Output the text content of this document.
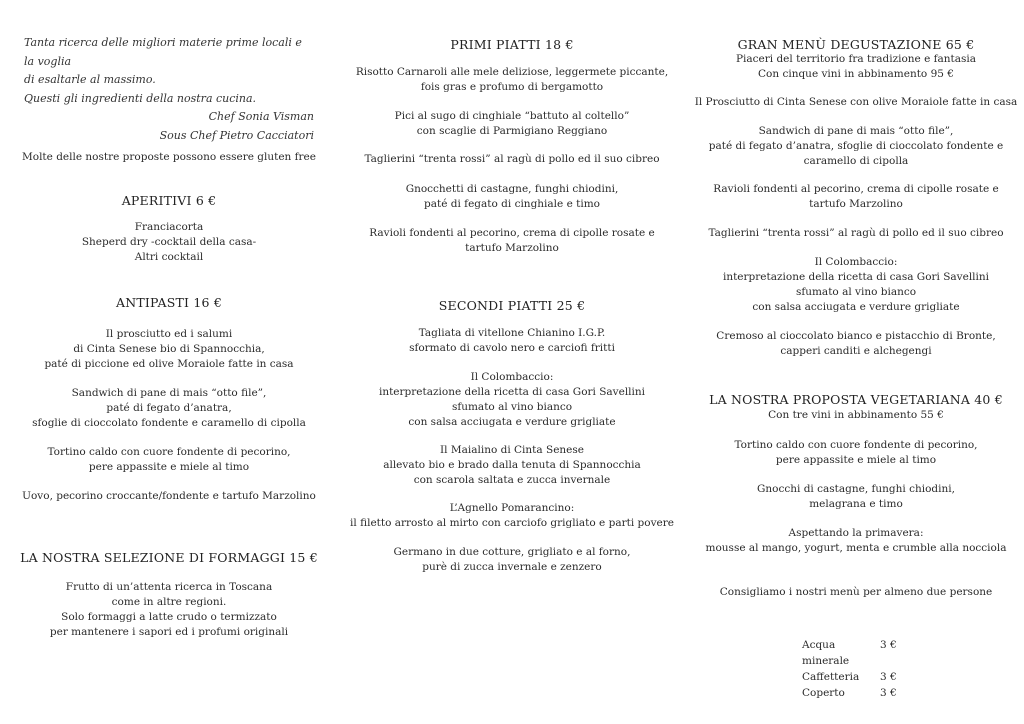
Tanta ricerca delle migliori materie prime locali e la voglia
di esaltarle al massimo.
Questi gli ingredienti della nostra cucina.
Chef Sonia Visman
Sous Chef Pietro Cacciatori
Molte delle nostre proposte possono essere gluten free
APERITIVI 6 €
Franciacorta
Sheperd dry -cocktail della casa-
Altri cocktail
ANTIPASTI 16 €
Il prosciutto ed i salumi
di Cinta Senese bio di Spannocchia,
paté di piccione ed olive Moraiole fatte in casa
Sandwich di pane di mais “otto file”,
paté di fegato d’anatra,
sfoglie di cioccolato fondente e caramello di cipolla
Tortino caldo con cuore fondente di pecorino,
pere appassite e miele al timo
Uovo, pecorino croccante/fondente e tartufo Marzolino
LA NOSTRA SELEZIONE DI FORMAGGI 15 €
Frutto di un’attenta ricerca in Toscana
come in altre regioni.
Solo formaggi a latte crudo o termizzato
per mantenere i sapori ed i profumi originali
PRIMI PIATTI 18 €
Risotto Carnaroli alle mele deliziose, leggermete piccante,
fois gras e profumo di bergamotto
Pici al sugo di cinghiale “battuto al coltello”
con scaglie di Parmigiano Reggiano
Taglierini “trenta rossi” al ragù di pollo ed il suo cibreo
Gnocchetti di castagne, funghi chiodini,
paté di fegato di cinghiale e timo
Ravioli fondenti al pecorino, crema di cipolle rosate e
tartufo Marzolino
SECONDI PIATTI 25 €
Tagliata di vitellone Chianino I.G.P.
sformato di cavolo nero e carciofi fritti
Il Colombaccio:
interpretazione della ricetta di casa Gori Savellini
sfumato al vino bianco
con salsa acciugata e verdure grigliate
Il Maialino di Cinta Senese
allevato bio e brado dalla tenuta di Spannocchia
con scarola saltata e zucca invernale
L’Agnello Pomarancino:
il filetto arrosto al mirto con carciofo grigliato e parti povere
Germano in due cotture, grigliato e al forno,
purè di zucca invernale e zenzero
GRAN MENÙ DEGUSTAZIONE 65 €
Piaceri del territorio fra tradizione e fantasia
Con cinque vini in abbinamento 95 €
Il Prosciutto di Cinta Senese con olive Moraiole fatte in casa
Sandwich di pane di mais “otto file”,
paté di fegato d’anatra, sfoglie di cioccolato fondente e
caramello di cipolla
Ravioli fondenti al pecorino, crema di cipolle rosate e
tartufo Marzolino
Taglierini “trenta rossi” al ragù di pollo ed il suo cibreo
Il Colombaccio:
interpretazione della ricetta di casa Gori Savellini
sfumato al vino bianco
con salsa acciugata e verdure grigliate
Cremoso al cioccolato bianco e pistacchio di Bronte,
capperi canditi e alchegengi
LA NOSTRA PROPOSTA VEGETARIANA 40 €
Con tre vini in abbinamento 55 €
Tortino caldo con cuore fondente di pecorino,
pere appassite e miele al timo
Gnocchi di castagne, funghi chiodini,
melagrana e timo
Aspettando la primavera:
mousse al mango, yogurt, menta e crumble alla nocciola
Consigliamo i nostri menù per almeno due persone
Acqua minerale
3 €
Caffetteria	3 €
Coperto	3 €
